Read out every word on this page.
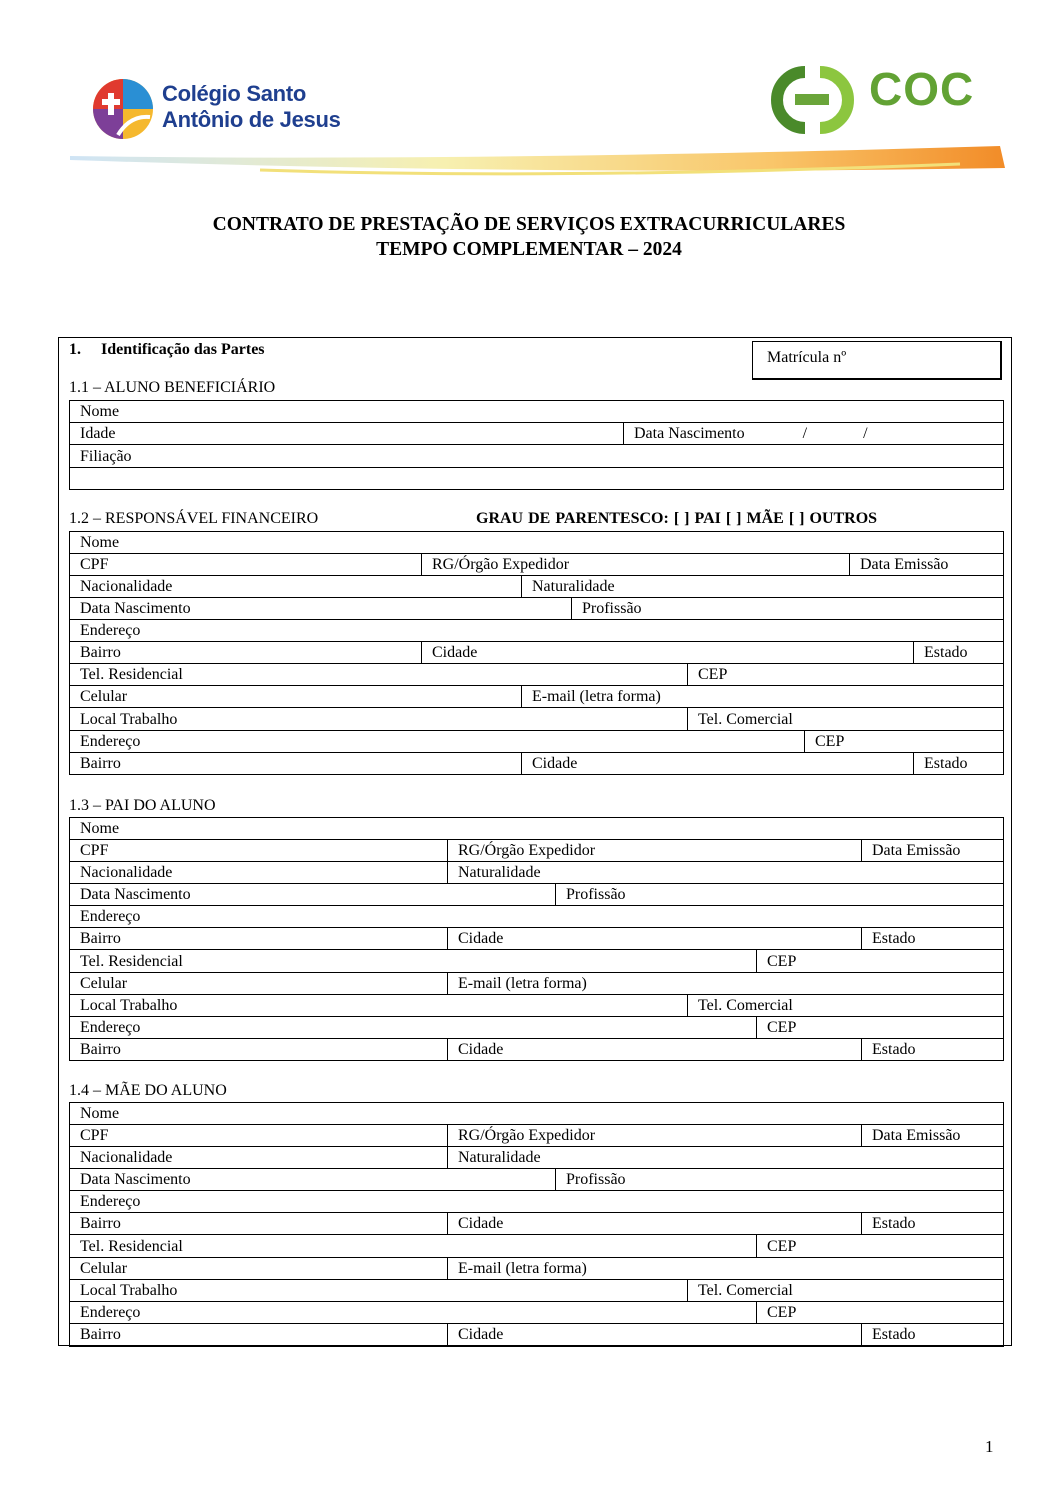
Colégio Santo
Antônio de Jesus
COC
CONTRATO DE PRESTAÇÃO DE SERVIÇOS EXTRACURRICULARES
TEMPO COMPLEMENTAR – 2024
1. Identificação das Partes	Matrícula nº
1.1 – ALUNO BENEFICIÁRIO
Nome
Idade	Data Nascimento	/	/
Filiação

1.2 – RESPONSÁVEL FINANCEIRO	GRAU DE PARENTESCO: [ ] PAI [ ] MÃE [ ] OUTROS
Nome							
CPF	RG/Órgão Expedidor					Data Emissão	
Nacionalidade		Naturalidade					
Data Nascimento			Profissão				
Endereço							
Bairro	Cidade						Estado
Tel. Residencial				CEP			
Celular		E-mail (letra forma)					
Local Trabalho				Tel. Comercial			
Endereço					CEP		
Bairro		Cidade					Estado
1.3 – PAI DO ALUNO
Nome					
CPF	RG/Órgão Expedidor				Data Emissão
Nacionalidade	Naturalidade				
Data Nascimento		Profissão			
Endereço					
Bairro	Cidade				Estado
Tel. Residencial				CEP	
Celular	E-mail (letra forma)				
Local Trabalho			Tel. Comercial		
Endereço				CEP	
Bairro	Cidade				Estado
1.4 – MÃE DO ALUNO
Nome					
CPF	RG/Órgão Expedidor				Data Emissão
Nacionalidade	Naturalidade				
Data Nascimento		Profissão			
Endereço					
Bairro	Cidade				Estado
Tel. Residencial				CEP	
Celular	E-mail (letra forma)				
Local Trabalho			Tel. Comercial		
Endereço				CEP	
Bairro	Cidade				Estado
1
